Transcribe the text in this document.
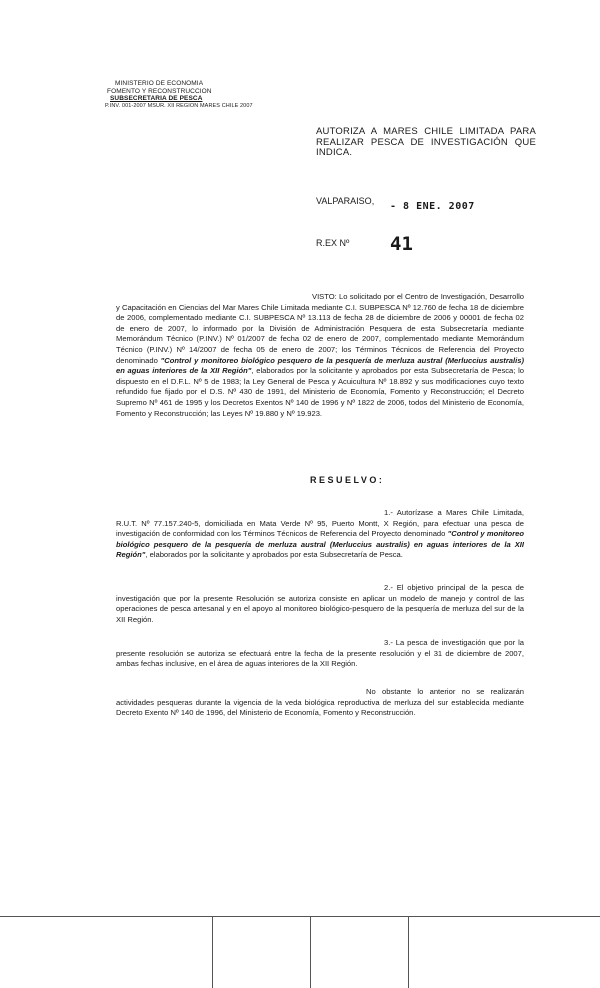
MINISTERIO DE ECONOMIA
FOMENTO Y RECONSTRUCCION
SUBSECRETARIA DE PESCA
P.INV. 001-2007 MSUR. XII REGION MARES CHILE 2007
AUTORIZA A MARES CHILE LIMITADA PARA REALIZAR PESCA DE INVESTIGACIÓN QUE INDICA.
VALPARAISO, - 8 ENE. 2007
R.EX Nº 41
VISTO: Lo solicitado por el Centro de Investigación, Desarrollo y Capacitación en Ciencias del Mar Mares Chile Limitada mediante C.I. SUBPESCA Nº 12.760 de fecha 18 de diciembre de 2006, complementado mediante C.I. SUBPESCA Nº 13.113 de fecha 28 de diciembre de 2006 y 00001 de fecha 02 de enero de 2007, lo informado por la División de Administración Pesquera de esta Subsecretaría mediante Memorándum Técnico (P.INV.) Nº 01/2007 de fecha 02 de enero de 2007, complementado mediante Memorándum Técnico (P.INV.) Nº 14/2007 de fecha 05 de enero de 2007; los Términos Técnicos de Referencia del Proyecto denominado "Control y monitoreo biológico pesquero de la pesquería de merluza austral (Merluccius australis) en aguas interiores de la XII Región", elaborados por la solicitante y aprobados por esta Subsecretaría de Pesca; lo dispuesto en el D.F.L. Nº 5 de 1983; la Ley General de Pesca y Acuicultura Nº 18.892 y sus modificaciones cuyo texto refundido fue fijado por el D.S. Nº 430 de 1991, del Ministerio de Economía, Fomento y Reconstrucción; el Decreto Supremo Nº 461 de 1995 y los Decretos Exentos Nº 140 de 1996 y Nº 1822 de 2006, todos del Ministerio de Economía, Fomento y Reconstrucción; las Leyes Nº 19.880 y Nº 19.923.
RESUELVO:
1.- Autorízase a Mares Chile Limitada, R.U.T. Nº 77.157.240-5, domiciliada en Mata Verde Nº 95, Puerto Montt, X Región, para efectuar una pesca de investigación de conformidad con los Términos Técnicos de Referencia del Proyecto denominado "Control y monitoreo biológico pesquero de la pesquería de merluza austral (Merluccius australis) en aguas interiores de la XII Región", elaborados por la solicitante y aprobados por esta Subsecretaría de Pesca.
2.- El objetivo principal de la pesca de investigación que por la presente Resolución se autoriza consiste en aplicar un modelo de manejo y control de las operaciones de pesca artesanal y en el apoyo al monitoreo biológico-pesquero de la pesquería de merluza del sur de la XII Región.
3.- La pesca de investigación que por la presente resolución se autoriza se efectuará entre la fecha de la presente resolución y el 31 de diciembre de 2007, ambas fechas inclusive, en el área de aguas interiores de la XII Región.
No obstante lo anterior no se realizarán actividades pesqueras durante la vigencia de la veda biológica reproductiva de merluza del sur establecida mediante Decreto Exento Nº 140 de 1996, del Ministerio de Economía, Fomento y Reconstrucción.
